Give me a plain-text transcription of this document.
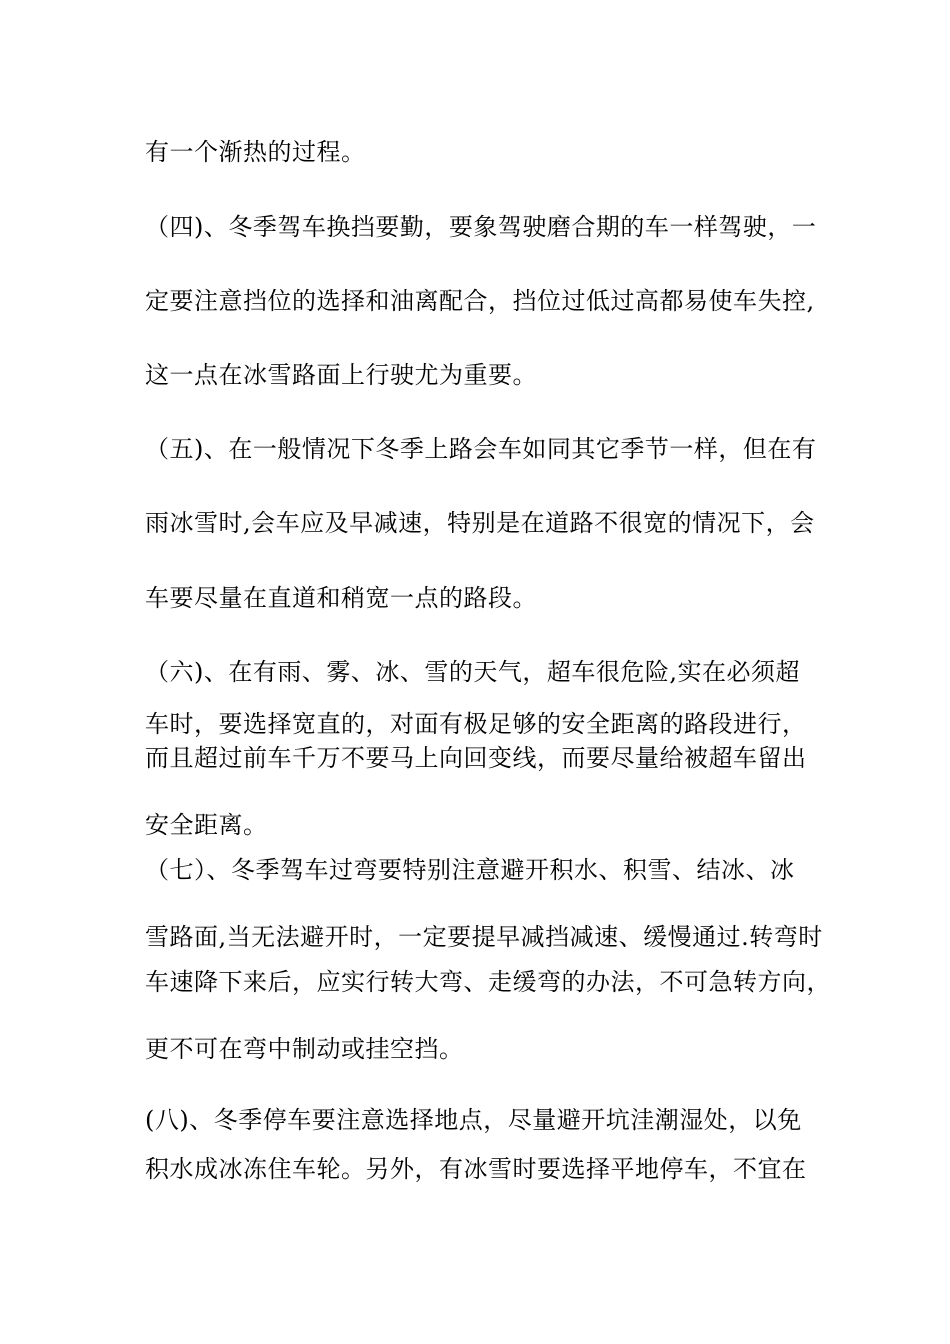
有一个渐热的过程。
（四)、冬季驾车换挡要勤，要象驾驶磨合期的车一样驾驶，一
定要注意挡位的选择和油离配合，挡位过低过高都易使车失控,
这一点在冰雪路面上行驶尤为重要。
（五)、在一般情况下冬季上路会车如同其它季节一样，但在有
雨冰雪时,会车应及早减速，特别是在道路不很宽的情况下，会
车要尽量在直道和稍宽一点的路段。
（六)、在有雨、雾、冰、雪的天气，超车很危险,实在必须超
车时，要选择宽直的，对面有极足够的安全距离的路段进行，
而且超过前车千万不要马上向回变线，而要尽量给被超车留出
安全距离。
（七）、冬季驾车过弯要特别注意避开积水、积雪、结冰、冰
雪路面,当无法避开时，一定要提早减挡减速、缓慢通过.转弯时
车速降下来后，应实行转大弯、走缓弯的办法，不可急转方向，
更不可在弯中制动或挂空挡。
(八)、冬季停车要注意选择地点，尽量避开坑洼潮湿处，以免
积水成冰冻住车轮。另外，有冰雪时要选择平地停车，不宜在
